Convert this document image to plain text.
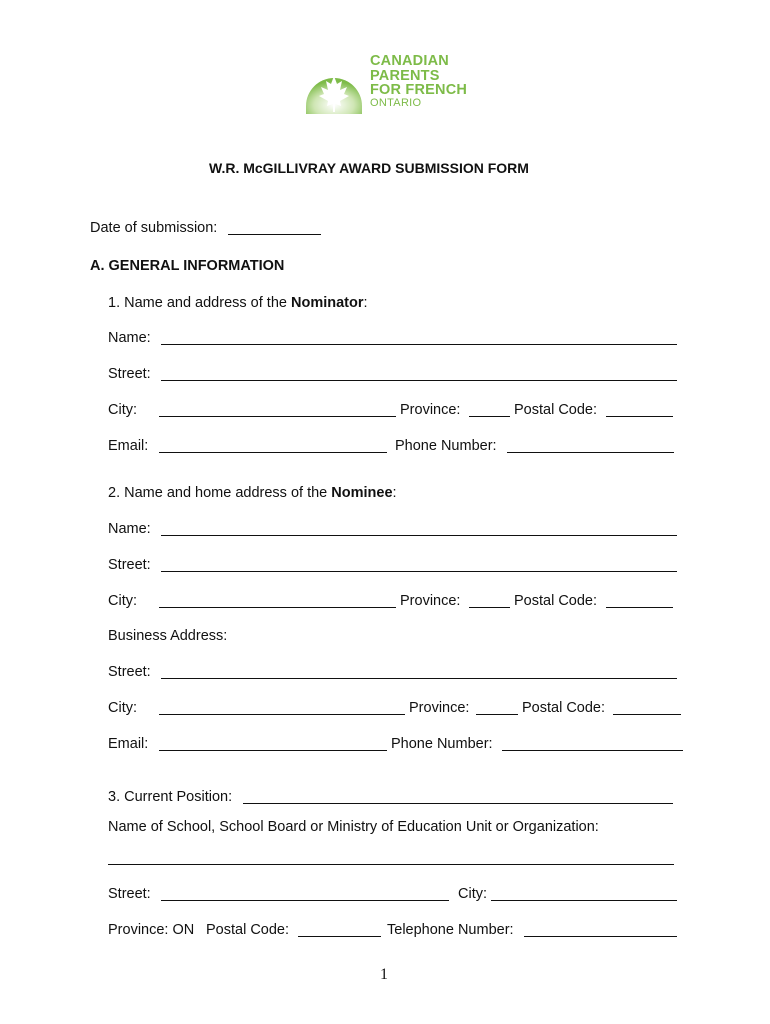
CANADIAN
PARENTS
FOR FRENCH
ONTARIO
W.R. McGILLIVRAY AWARD SUBMISSION FORM
Date of submission:
A. GENERAL INFORMATION
1. Name and address of the Nominator:
Name:
Street:
City:	Province:	Postal Code:
Email:	Phone Number:
2. Name and home address of the Nominee:
Name:
Street:
City:	Province:	Postal Code:
Business Address:
Street:
City:	Province:	Postal Code:
Email:	Phone Number:
3. Current Position:
Name of School, School Board or Ministry of Education Unit or Organization:
Street:	City:
Province: ON Postal Code:	Telephone Number:
1
